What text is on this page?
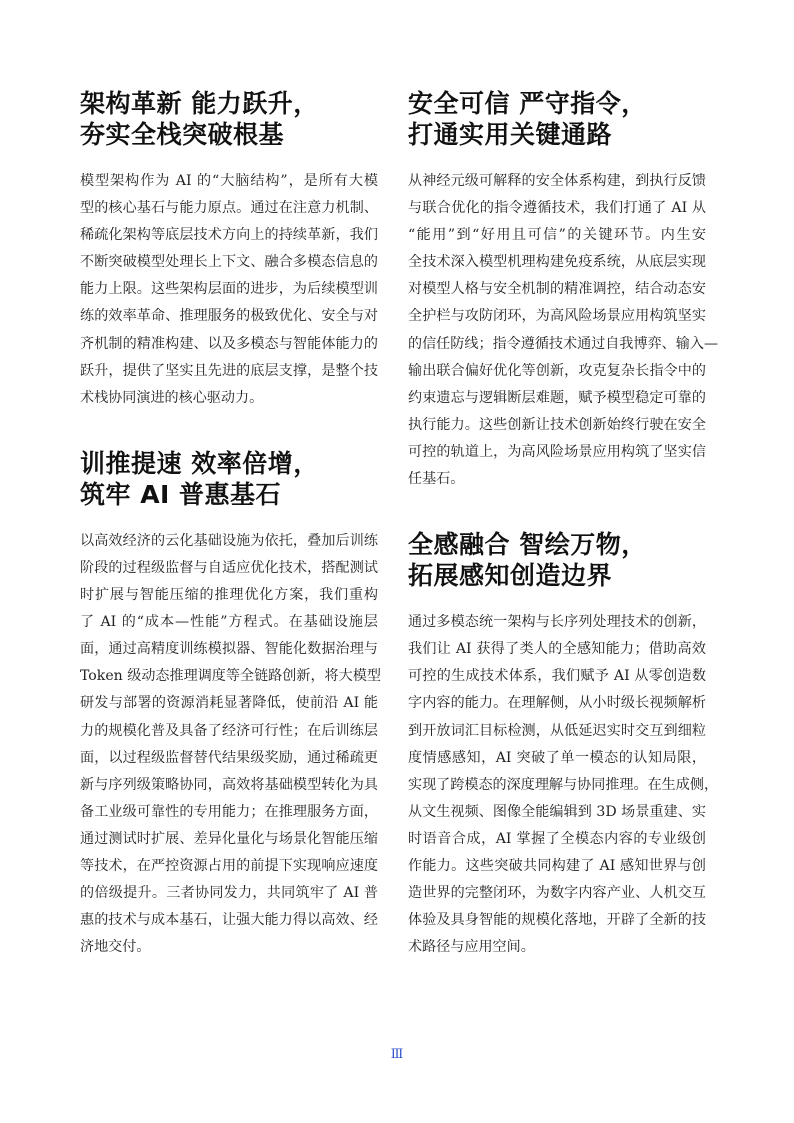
架构革新 能力跃升，
夯实全栈突破根基
模型架构作为 AI 的“大脑结构”，是所有大模
型的核心基石与能力原点。通过在注意力机制、
稀疏化架构等底层技术方向上的持续革新，我们
不断突破模型处理长上下文、融合多模态信息的
能力上限。这些架构层面的进步，为后续模型训
练的效率革命、推理服务的极致优化、安全与对
齐机制的精准构建、以及多模态与智能体能力的
跃升，提供了坚实且先进的底层支撑，是整个技
术栈协同演进的核心驱动力。
训推提速 效率倍增，
筑牢 AI 普惠基石
以高效经济的云化基础设施为依托，叠加后训练
阶段的过程级监督与自适应优化技术，搭配测试
时扩展与智能压缩的推理优化方案，我们重构
了 AI 的“成本—性能”方程式。在基础设施层
面，通过高精度训练模拟器、智能化数据治理与
Token 级动态推理调度等全链路创新，将大模型
研发与部署的资源消耗显著降低，使前沿 AI 能
力的规模化普及具备了经济可行性；在后训练层
面，以过程级监督替代结果级奖励，通过稀疏更
新与序列级策略协同，高效将基础模型转化为具
备工业级可靠性的专用能力；在推理服务方面，
通过测试时扩展、差异化量化与场景化智能压缩
等技术，在严控资源占用的前提下实现响应速度
的倍级提升。三者协同发力，共同筑牢了 AI 普
惠的技术与成本基石，让强大能力得以高效、经
济地交付。
安全可信 严守指令，
打通实用关键通路
从神经元级可解释的安全体系构建，到执行反馈
与联合优化的指令遵循技术，我们打通了 AI 从
“能用”到“好用且可信”的关键环节。内生安
全技术深入模型机理构建免疫系统，从底层实现
对模型人格与安全机制的精准调控，结合动态安
全护栏与攻防闭环，为高风险场景应用构筑坚实
的信任防线；指令遵循技术通过自我博弈、输入—
输出联合偏好优化等创新，攻克复杂长指令中的
约束遗忘与逻辑断层难题，赋予模型稳定可靠的
执行能力。这些创新让技术创新始终行驶在安全
可控的轨道上，为高风险场景应用构筑了坚实信
任基石。
全感融合 智绘万物，
拓展感知创造边界
通过多模态统一架构与长序列处理技术的创新，
我们让 AI 获得了类人的全感知能力；借助高效
可控的生成技术体系，我们赋予 AI 从零创造数
字内容的能力。在理解侧，从小时级长视频解析
到开放词汇目标检测，从低延迟实时交互到细粒
度情感感知，AI 突破了单一模态的认知局限，
实现了跨模态的深度理解与协同推理。在生成侧，
从文生视频、图像全能编辑到 3D 场景重建、实
时语音合成，AI 掌握了全模态内容的专业级创
作能力。这些突破共同构建了 AI 感知世界与创
造世界的完整闭环，为数字内容产业、人机交互
体验及具身智能的规模化落地，开辟了全新的技
术路径与应用空间。
Ⅲ
